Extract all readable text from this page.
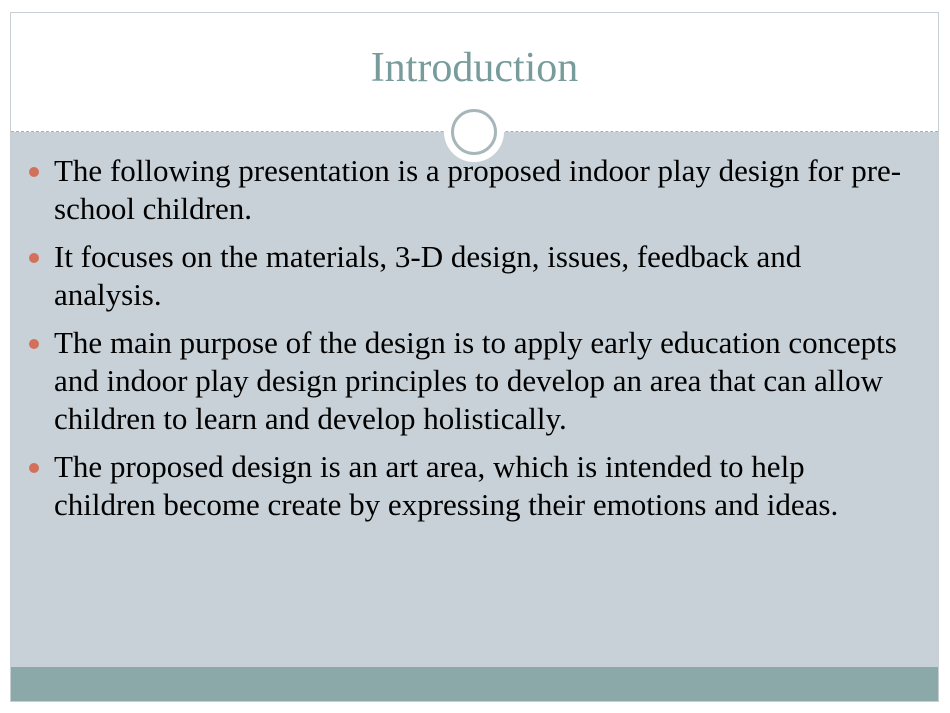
Introduction
The following presentation is a proposed indoor play design for pre-school children.
It focuses on the materials, 3-D design, issues, feedback and analysis.
The main purpose of the design is to apply early education concepts and indoor play design principles to develop an area that can allow children to learn and develop holistically.
The proposed design is an art area, which is intended to help children become create by expressing their emotions and ideas.
